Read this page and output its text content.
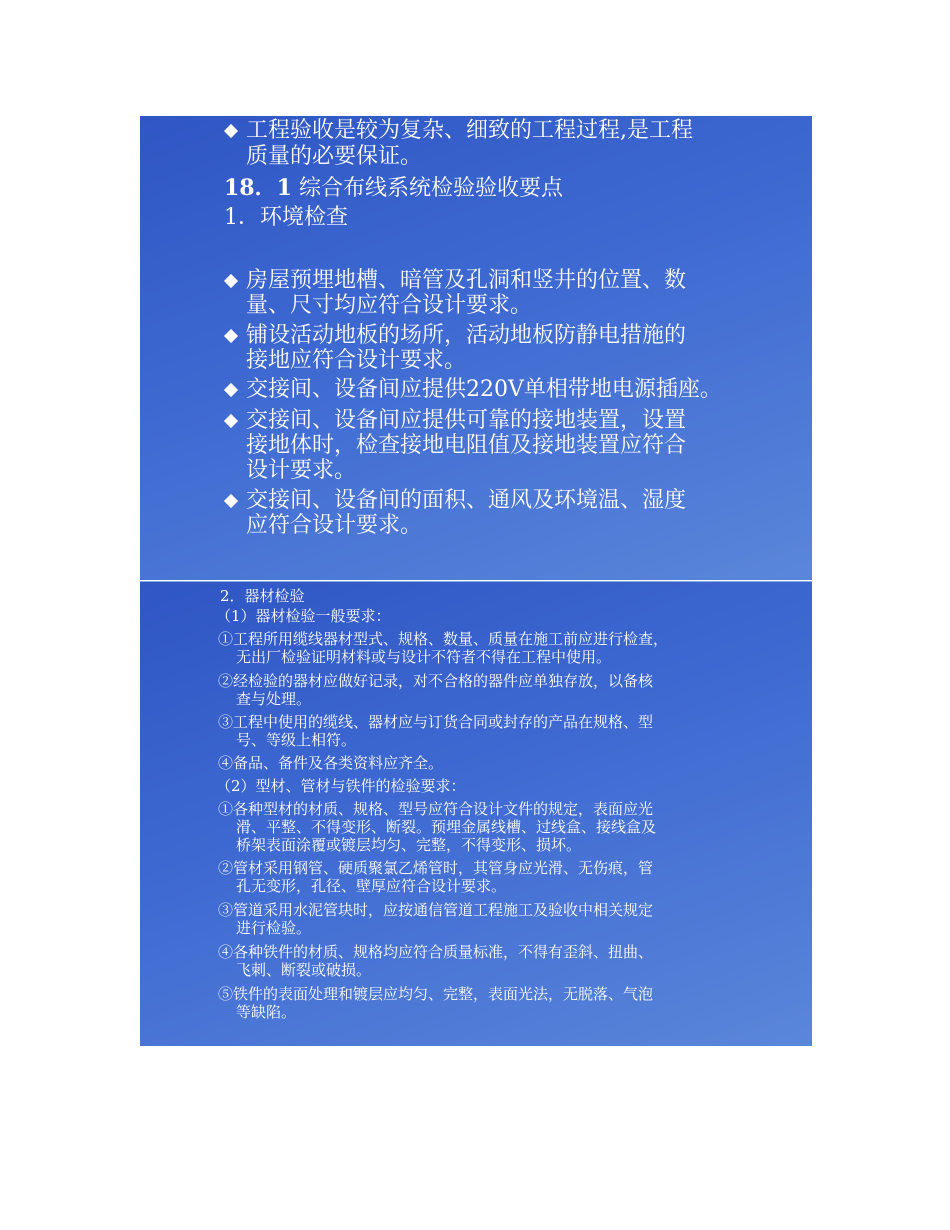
工程验收是较为复杂、细致的工程过程,是工程
质量的必要保证。
18．1 综合布线系统检验验收要点
1．环境检查
房屋预埋地槽、暗管及孔洞和竖井的位置、数
量、尺寸均应符合设计要求。
铺设活动地板的场所，活动地板防静电措施的
接地应符合设计要求。
交接间、设备间应提供220V单相带地电源插座。
交接间、设备间应提供可靠的接地装置，设置
接地体时，检查接地电阻值及接地装置应符合
设计要求。
交接间、设备间的面积、通风及环境温、湿度
应符合设计要求。
2．器材检验
（1）器材检验一般要求：
①工程所用缆线器材型式、规格、数量、质量在施工前应进行检查，
无出厂检验证明材料或与设计不符者不得在工程中使用。
②经检验的器材应做好记录，对不合格的器件应单独存放，以备核
查与处理。
③工程中使用的缆线、器材应与订货合同或封存的产品在规格、型
号、等级上相符。
④备品、备件及各类资料应齐全。
（2）型材、管材与铁件的检验要求：
①各种型材的材质、规格、型号应符合设计文件的规定，表面应光
滑、平整、不得变形、断裂。预埋金属线槽、过线盒、接线盒及
桥架表面涂覆或镀层均匀、完整，不得变形、损坏。
②管材采用钢管、硬质聚氯乙烯管时，其管身应光滑、无伤痕，管
孔无变形，孔径、壁厚应符合设计要求。
③管道采用水泥管块时，应按通信管道工程施工及验收中相关规定
进行检验。
④各种铁件的材质、规格均应符合质量标准，不得有歪斜、扭曲、
飞刺、断裂或破损。
⑤铁件的表面处理和镀层应均匀、完整，表面光法，无脱落、气泡
等缺陷。
